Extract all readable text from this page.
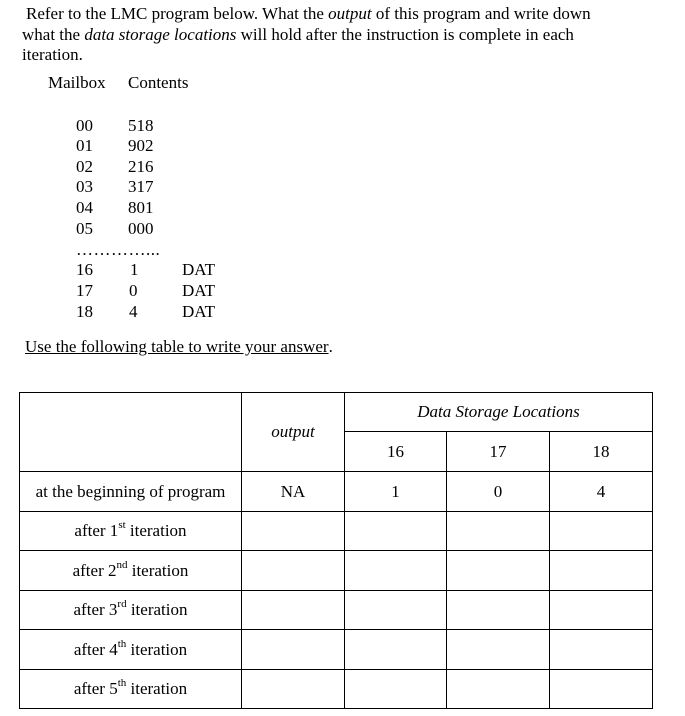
Refer to the LMC program below. What the output of this program and write down
what the data storage locations will hold after the instruction is complete in each
iteration.
Mailbox Contents
00 518
01 902
02 216
03 317
04 801
05 000
…………...
16 1	DAT
17 0	DAT
18 4	DAT
Use the following table to write your answer.
	output	Data Storage Locations		
		16	17	18
at the beginning of program	NA	1	0	4
after 1st iteration				
after 2nd iteration				
after 3rd iteration				
after 4th iteration				
after 5th iteration				
